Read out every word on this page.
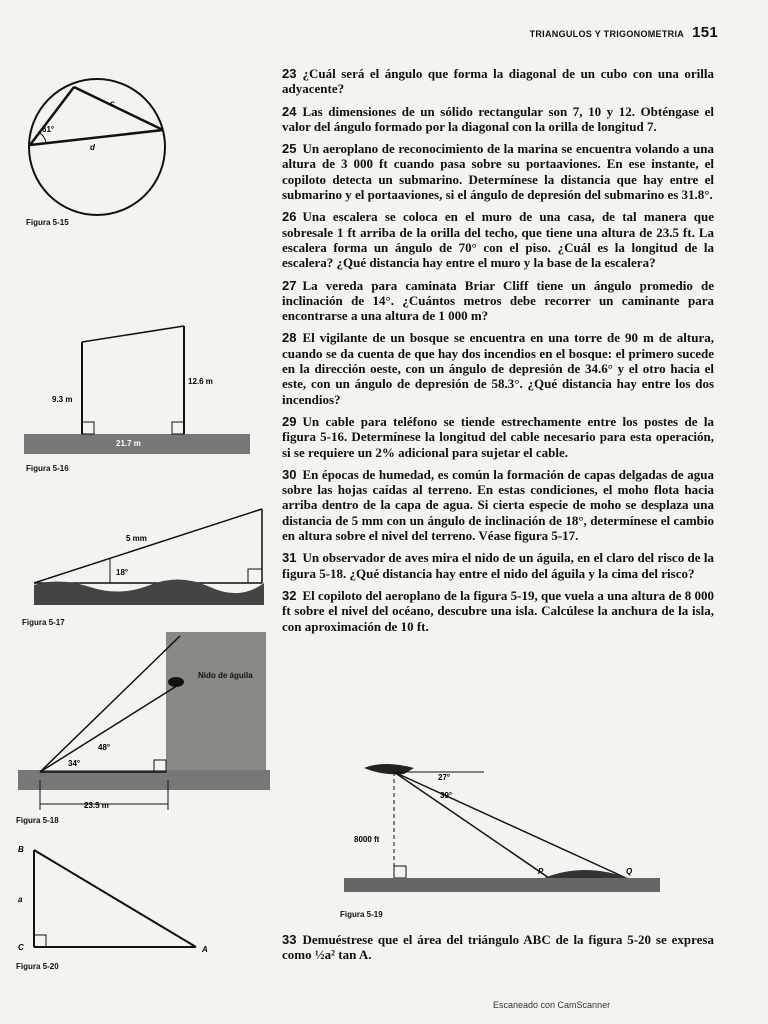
TRIANGULOS Y TRIGONOMETRIA 151
23 ¿Cuál será el ángulo que forma la diagonal de un cubo con una orilla adyacente?
24 Las dimensiones de un sólido rectangular son 7, 10 y 12. Obténgase el valor del ángulo formado por la diagonal con la orilla de longitud 7.
25 Un aeroplano de reconocimiento de la marina se encuentra volando a una altura de 3 000 ft cuando pasa sobre su portaaviones. En ese instante, el copiloto detecta un submarino. Determínese la distancia que hay entre el submarino y el portaaviones, si el ángulo de depresión del submarino es 31.8°.
26 Una escalera se coloca en el muro de una casa, de tal manera que sobresale 1 ft arriba de la orilla del techo, que tiene una altura de 23.5 ft. La escalera forma un ángulo de 70° con el piso. ¿Cuál es la longitud de la escalera? ¿Qué distancia hay entre el muro y la base de la escalera?
27 La vereda para caminata Briar Cliff tiene un ángulo promedio de inclinación de 14°. ¿Cuántos metros debe recorrer un caminante para encontrarse a una altura de 1 000 m?
28 El vigilante de un bosque se encuentra en una torre de 90 m de altura, cuando se da cuenta de que hay dos incendios en el bosque: el primero sucede en la dirección oeste, con un ángulo de depresión de 34.6° y el otro hacia el este, con un ángulo de depresión de 58.3°. ¿Qué distancia hay entre los dos incendios?
29 Un cable para teléfono se tiende estrechamente entre los postes de la figura 5-16. Determínese la longitud del cable necesario para esta operación, si se requiere un 2% adicional para sujetar el cable.
30 En épocas de humedad, es común la formación de capas delgadas de agua sobre las hojas caídas al terreno. En estas condiciones, el moho flota hacia arriba dentro de la capa de agua. Si cierta especie de moho se desplaza una distancia de 5 mm con un ángulo de inclinación de 18°, determínese el cambio en altura sobre el nivel del terreno. Véase figura 5-17.
31 Un observador de aves mira el nido de un águila, en el claro del risco de la figura 5-18. ¿Qué distancia hay entre el nido del águila y la cima del risco?
32 El copiloto del aeroplano de la figura 5-19, que vuela a una altura de 8 000 ft sobre el nivel del océano, descubre una isla. Calcúlese la anchura de la isla, con aproximación de 10 ft.
33 Demuéstrese que el área del triángulo ABC de la figura 5-20 se expresa como ½a² tan A.
61°
c
d
Figura 5-15
9.3 m
12.6 m
21.7 m
Figura 5-16
5 mm
18°
Figura 5-17
Nido de águila
34°
48°
23.5 m
Figura 5-18
B
C	A
a
Figura 5-20
27°
39°
8000 ft
P	Q
Figura 5-19
Escaneado con CamScanner
